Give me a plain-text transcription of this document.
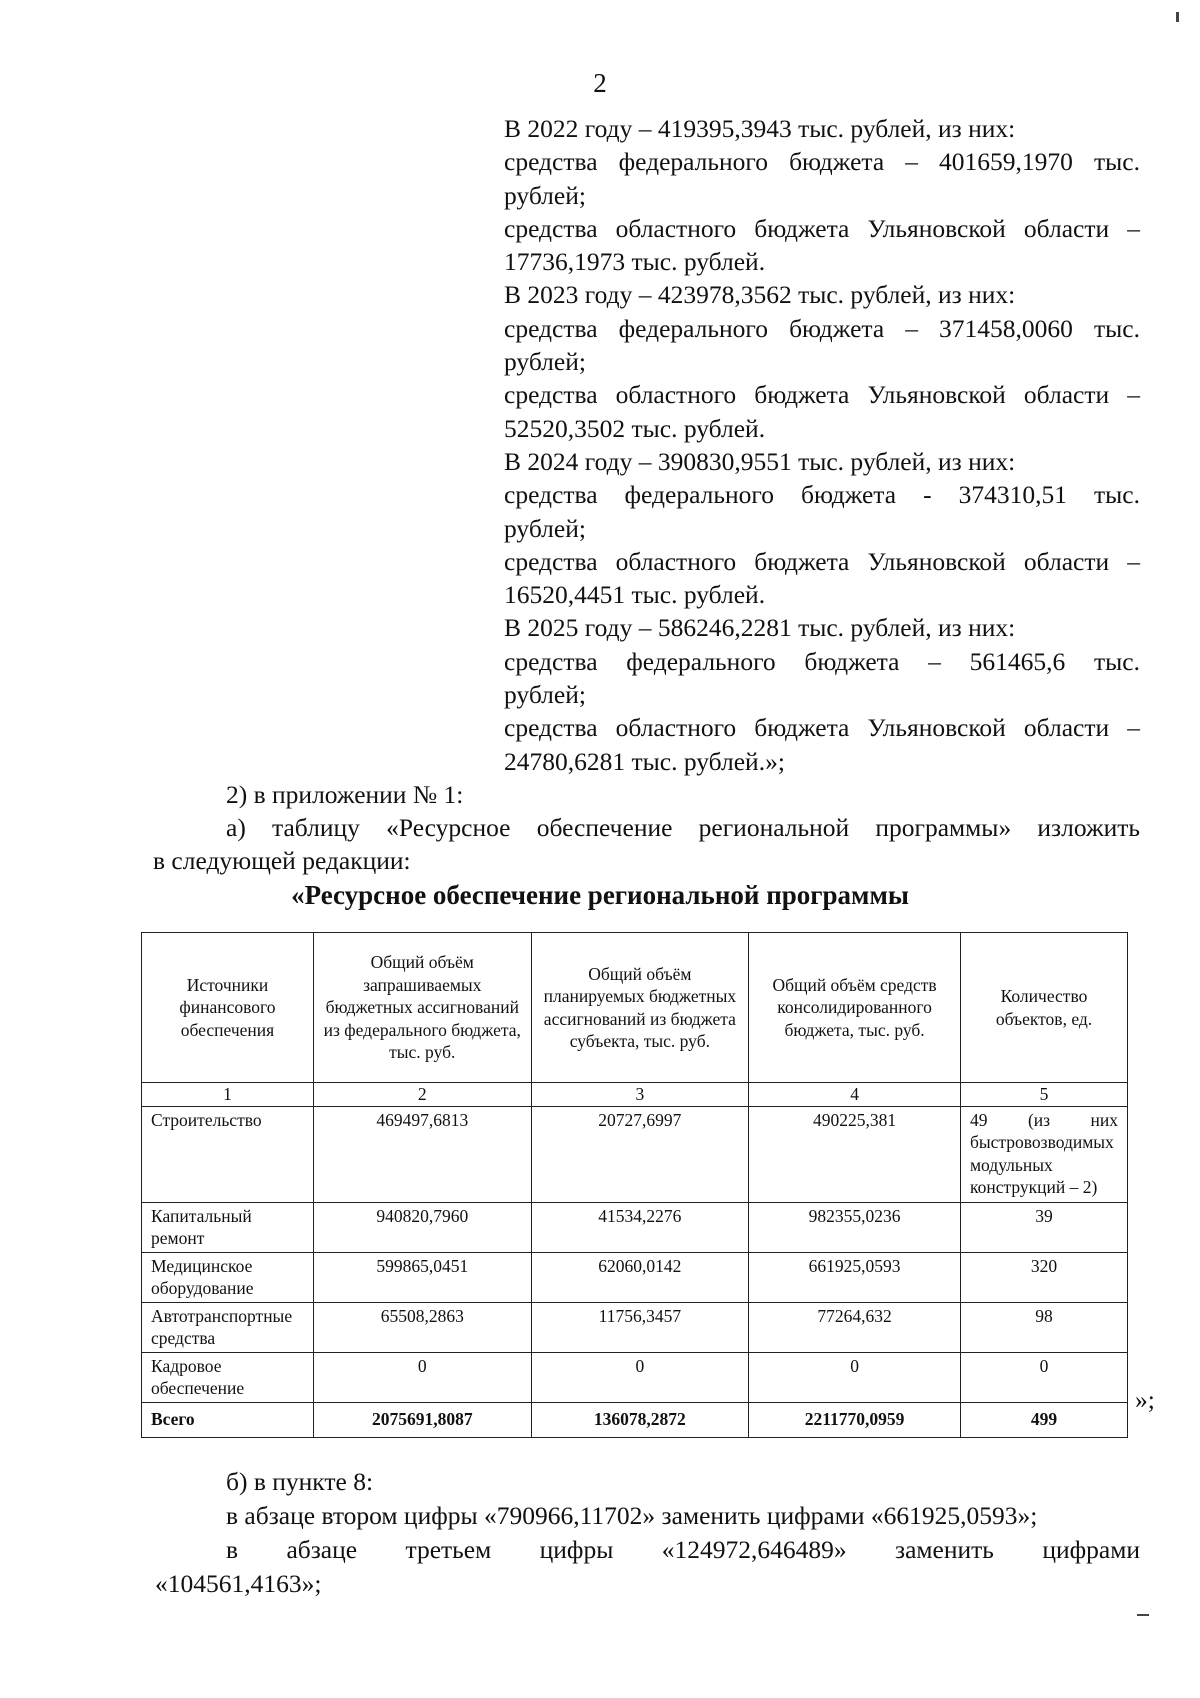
2

В 2022 году – 419395,3943 тыс. рублей, из них:

средства федерального бюджета – 401659,1970 тыс.

рублей;

средства областного бюджета Ульяновской области –

17736,1973 тыс. рублей.

В 2023 году – 423978,3562 тыс. рублей, из них:

средства федерального бюджета – 371458,0060 тыс.

рублей;

средства областного бюджета Ульяновской области –

52520,3502 тыс. рублей.

В 2024 году – 390830,9551 тыс. рублей, из них:

средства федерального бюджета - 374310,51 тыс.

рублей;

средства областного бюджета Ульяновской области –

16520,4451 тыс. рублей.

В 2025 году – 586246,2281 тыс. рублей, из них:

средства федерального бюджета – 561465,6 тыс.

рублей;

средства областного бюджета Ульяновской области –

24780,6281 тыс. рублей.»;

2) в приложении № 1:
а) таблицу «Ресурсное обеспечение региональной программы» изложить
в следующей редакции:
«Ресурсное обеспечение региональной программы
Источники финансового обеспечения	Общий объём запрашиваемых бюджетных ассигнований из федерального бюджета, тыс. руб.	Общий объём планируемых бюджетных ассигнований из бюджета субъекта, тыс. руб.	Общий объём средств консолидированного бюджета, тыс. руб.	Количество объектов, ед.
1	2	3	4	5
Строительство	469497,6813	20727,6997	490225,381	49 (из них быстровозводимых модульных конструкций – 2)
Капитальный ремонт	940820,7960	41534,2276	982355,0236	39
Медицинское оборудование	599865,0451	62060,0142	661925,0593	320
Автотранспортные средства	65508,2863	11756,3457	77264,632	98
Кадровое обеспечение	0	0	0	0
Всего	2075691,8087	136078,2872	2211770,0959	499
»;
б) в пункте 8:
в абзаце втором цифры «790966,11702» заменить цифрами «661925,0593»;
в абзаце третьем цифры «124972,646489» заменить цифрами
«104561,4163»;
